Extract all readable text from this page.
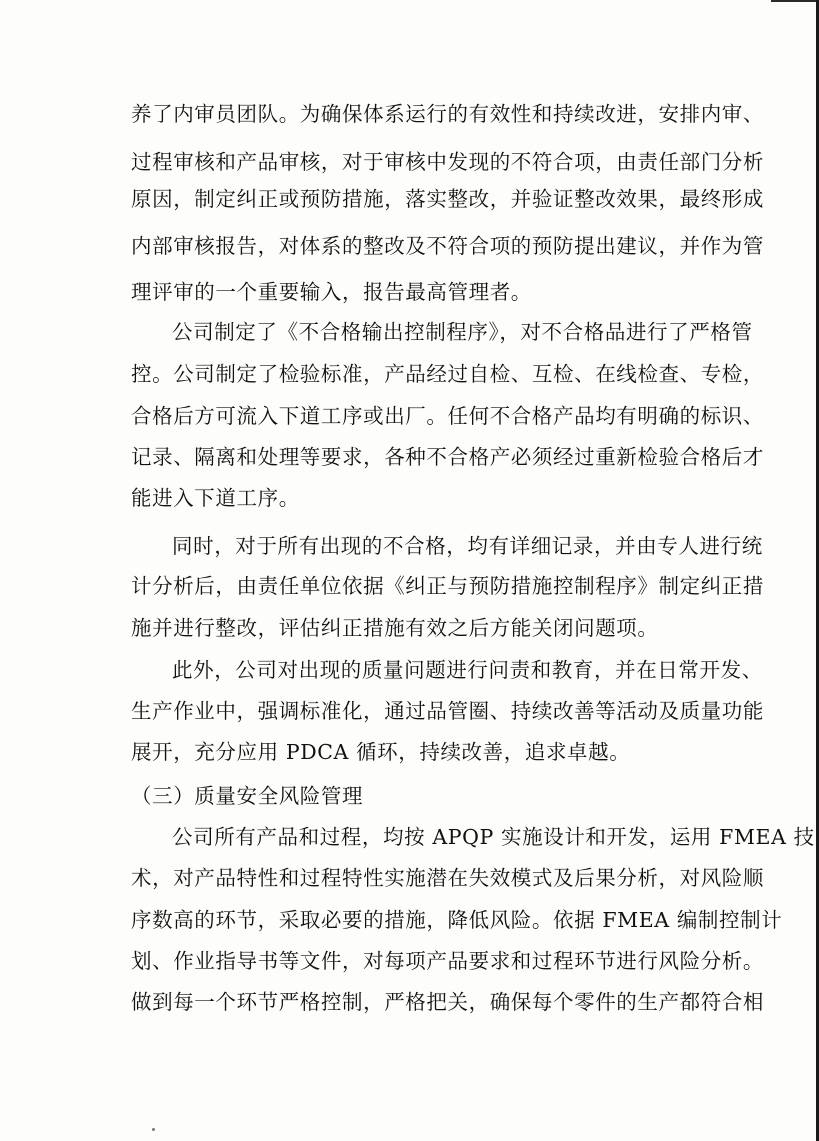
养了内审员团队。为确保体系运行的有效性和持续改进，安排内审、
过程审核和产品审核，对于审核中发现的不符合项，由责任部门分析
原因，制定纠正或预防措施，落实整改，并验证整改效果，最终形成
内部审核报告，对体系的整改及不符合项的预防提出建议，并作为管
理评审的一个重要输入，报告最高管理者。
公司制定了《不合格输出控制程序》，对不合格品进行了严格管
控。公司制定了检验标准，产品经过自检、互检、在线检查、专检，
合格后方可流入下道工序或出厂。任何不合格产品均有明确的标识、
记录、隔离和处理等要求，各种不合格产必须经过重新检验合格后才
能进入下道工序。
同时，对于所有出现的不合格，均有详细记录，并由专人进行统
计分析后，由责任单位依据《纠正与预防措施控制程序》制定纠正措
施并进行整改，评估纠正措施有效之后方能关闭问题项。
此外，公司对出现的质量问题进行问责和教育，并在日常开发、
生产作业中，强调标准化，通过品管圈、持续改善等活动及质量功能
展开，充分应用 PDCA 循环，持续改善，追求卓越。
（三）质量安全风险管理
公司所有产品和过程，均按 APQP 实施设计和开发，运用 FMEA 技
术，对产品特性和过程特性实施潜在失效模式及后果分析，对风险顺
序数高的环节，采取必要的措施，降低风险。依据 FMEA 编制控制计
划、作业指导书等文件，对每项产品要求和过程环节进行风险分析。
做到每一个环节严格控制，严格把关，确保每个零件的生产都符合相
